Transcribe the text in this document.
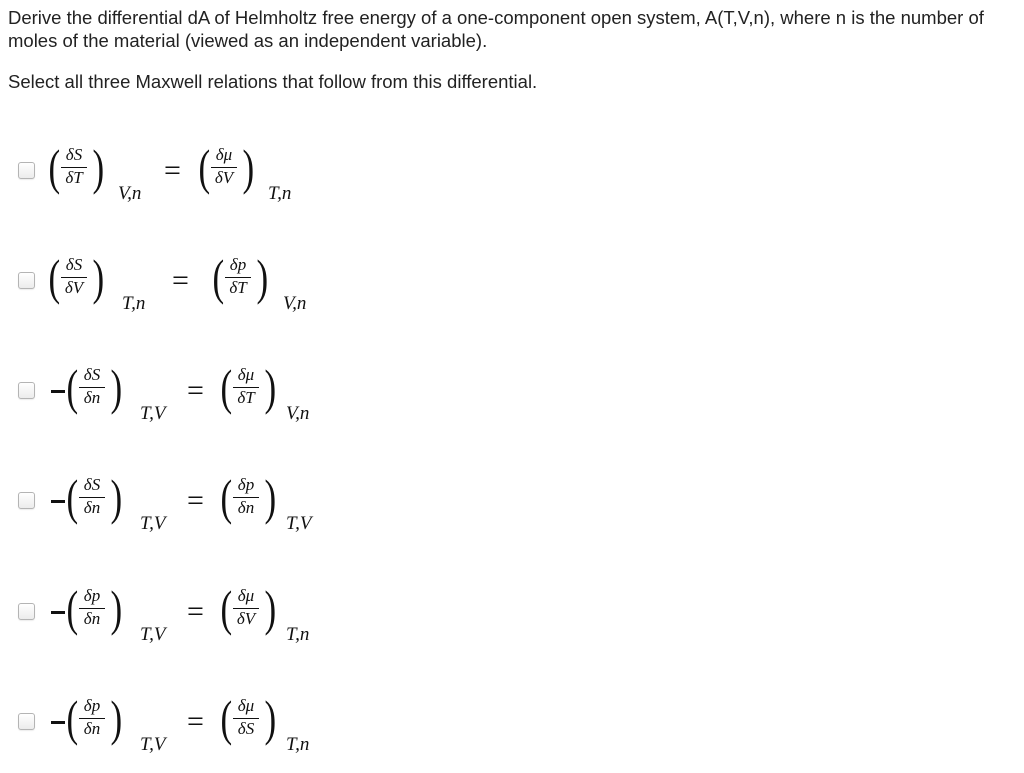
Derive the differential dA of Helmholtz free energy of a one-component open system, A(T,V,n), where n is the number of moles of the material (viewed as an independent variable).

Select all three Maxwell relations that follow from this differential.

( δS
δT ) V,n
= ( δμ
δV ) T,n
( δS
δV ) T,n
= ( δp
δT ) V,n
( δS
δn ) T,V
= ( δμ
δT ) V,n
( δS
δn ) T,V
= ( δp
δn ) T,V
( δp
δn ) T,V
= ( δμ
δV ) T,n
( δp
δn ) T,V
= ( δμ
δS ) T,n
